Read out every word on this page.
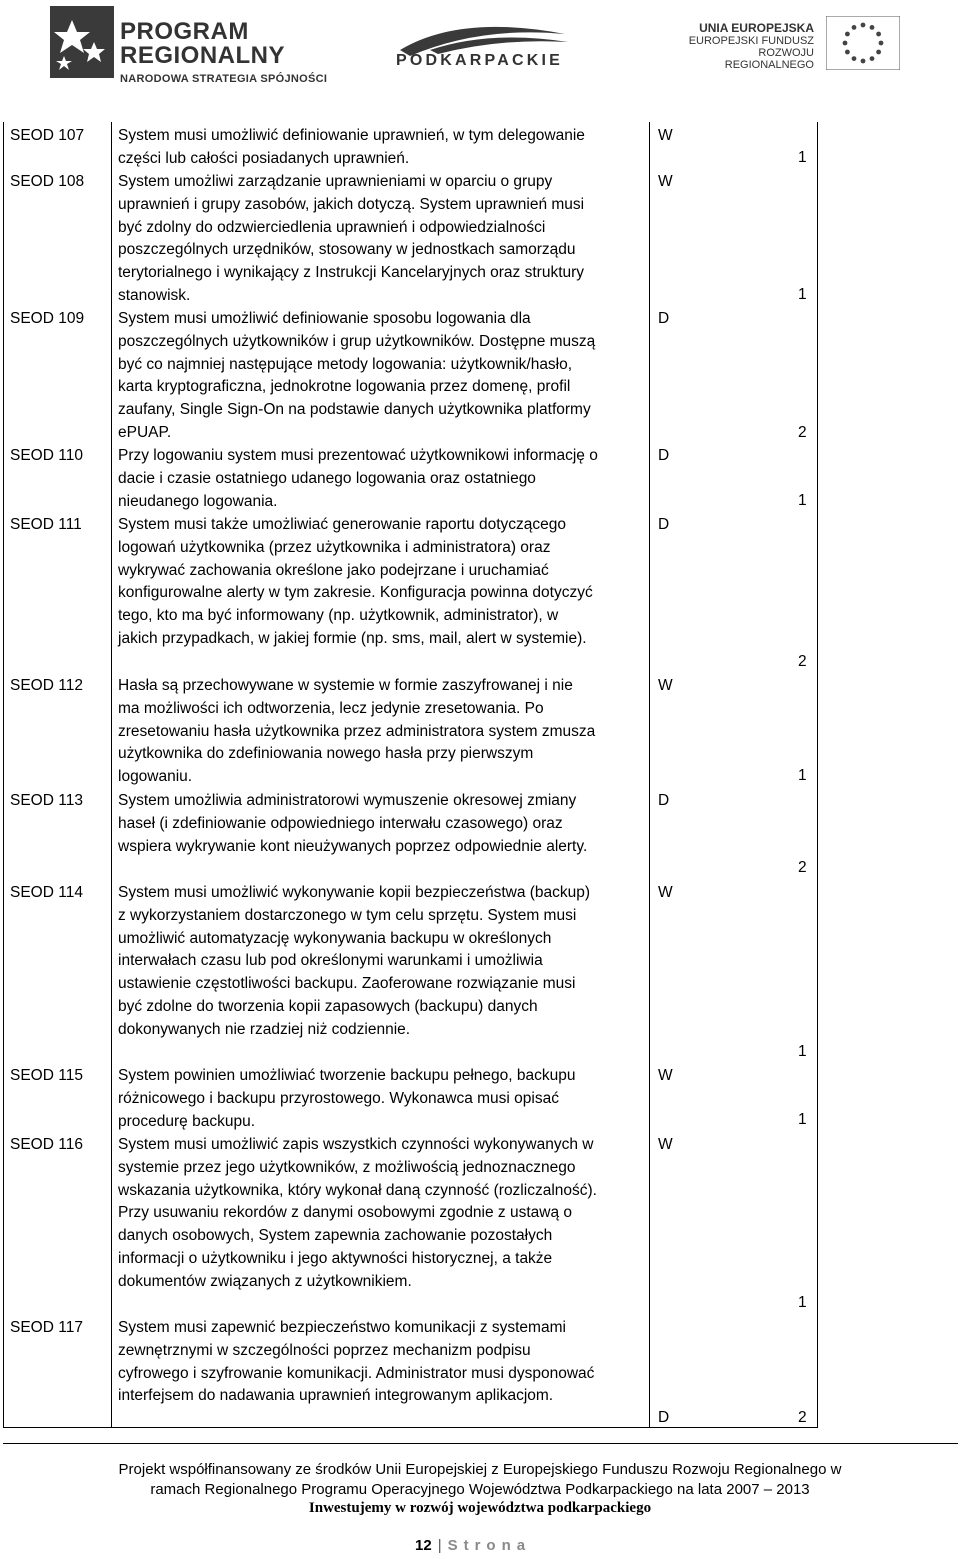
PROGRAM
REGIONALNY
NARODOWA STRATEGIA SPÓJNOŚCI
PODKARPACKIE
UNIA EUROPEJSKA
EUROPEJSKI FUNDUSZ
ROZWOJU REGIONALNEGO
SEOD 107 System musi umożliwić definiowanie uprawnień, w tym delegowanie części lub całości posiadanych uprawnień.
W
1
SEOD 108 System umożliwi zarządzanie uprawnieniami w oparciu o grupy uprawnień i grupy zasobów, jakich dotyczą. System uprawnień musi być zdolny do odzwierciedlenia uprawnień i odpowiedzialności poszczególnych urzędników, stosowany w jednostkach samorządu terytorialnego i wynikający z Instrukcji Kancelaryjnych oraz struktury stanowisk.
W
1
SEOD 109 System musi umożliwić definiowanie sposobu logowania dla poszczególnych użytkowników i grup użytkowników. Dostępne muszą być co najmniej następujące metody logowania: użytkownik/hasło, karta kryptograficzna, jednokrotne logowania przez domenę, profil zaufany, Single Sign-On na podstawie danych użytkownika platformy ePUAP.
D
2
SEOD 110 Przy logowaniu system musi prezentować użytkownikowi informację o dacie i czasie ostatniego udanego logowania oraz ostatniego nieudanego logowania.
D
1
SEOD 111 System musi także umożliwiać generowanie raportu dotyczącego logowań użytkownika (przez użytkownika i administratora) oraz wykrywać zachowania określone jako podejrzane i uruchamiać konfigurowalne alerty w tym zakresie. Konfiguracja powinna dotyczyć tego, kto ma być informowany (np. użytkownik, administrator), w jakich przypadkach, w jakiej formie (np. sms, mail, alert w systemie).
D
2
SEOD 112 Hasła są przechowywane w systemie w formie zaszyfrowanej i nie ma możliwości ich odtworzenia, lecz jedynie zresetowania. Po zresetowaniu hasła użytkownika przez administratora system zmusza użytkownika do zdefiniowania nowego hasła przy pierwszym logowaniu.
W
1
SEOD 113 System umożliwia administratorowi wymuszenie okresowej zmiany haseł (i zdefiniowanie odpowiedniego interwału czasowego) oraz wspiera wykrywanie kont nieużywanych poprzez odpowiednie alerty.
D
2
SEOD 114 System musi umożliwić wykonywanie kopii bezpieczeństwa (backup) z wykorzystaniem dostarczonego w tym celu sprzętu. System musi umożliwić automatyzację wykonywania backupu w określonych interwałach czasu lub pod określonymi warunkami i umożliwia ustawienie częstotliwości backupu. Zaoferowane rozwiązanie musi być zdolne do tworzenia kopii zapasowych (backupu) danych dokonywanych nie rzadziej niż codziennie.
W
1
SEOD 115 System powinien umożliwiać tworzenie backupu pełnego, backupu różnicowego i backupu przyrostowego. Wykonawca musi opisać procedurę backupu.
W
1
SEOD 116 System musi umożliwić zapis wszystkich czynności wykonywanych w systemie przez jego użytkowników, z możliwością jednoznacznego wskazania użytkownika, który wykonał daną czynność (rozliczalność). Przy usuwaniu rekordów z danymi osobowymi zgodnie z ustawą o danych osobowych, System zapewnia zachowanie pozostałych informacji o użytkowniku i jego aktywności historycznej, a także dokumentów związanych z użytkownikiem.
W
1
SEOD 117 System musi zapewnić bezpieczeństwo komunikacji z systemami zewnętrznymi w szczególności poprzez mechanizm podpisu cyfrowego i szyfrowanie komunikacji. Administrator musi dysponować interfejsem do nadawania uprawnień integrowanym aplikacjom.
D	2
Projekt współfinansowany ze środków Unii Europejskiej z Europejskiego Funduszu Rozwoju Regionalnego w
ramach Regionalnego Programu Operacyjnego Województwa Podkarpackiego na lata 2007 – 2013
Inwestujemy w rozwój województwa podkarpackiego
12 | Strona
